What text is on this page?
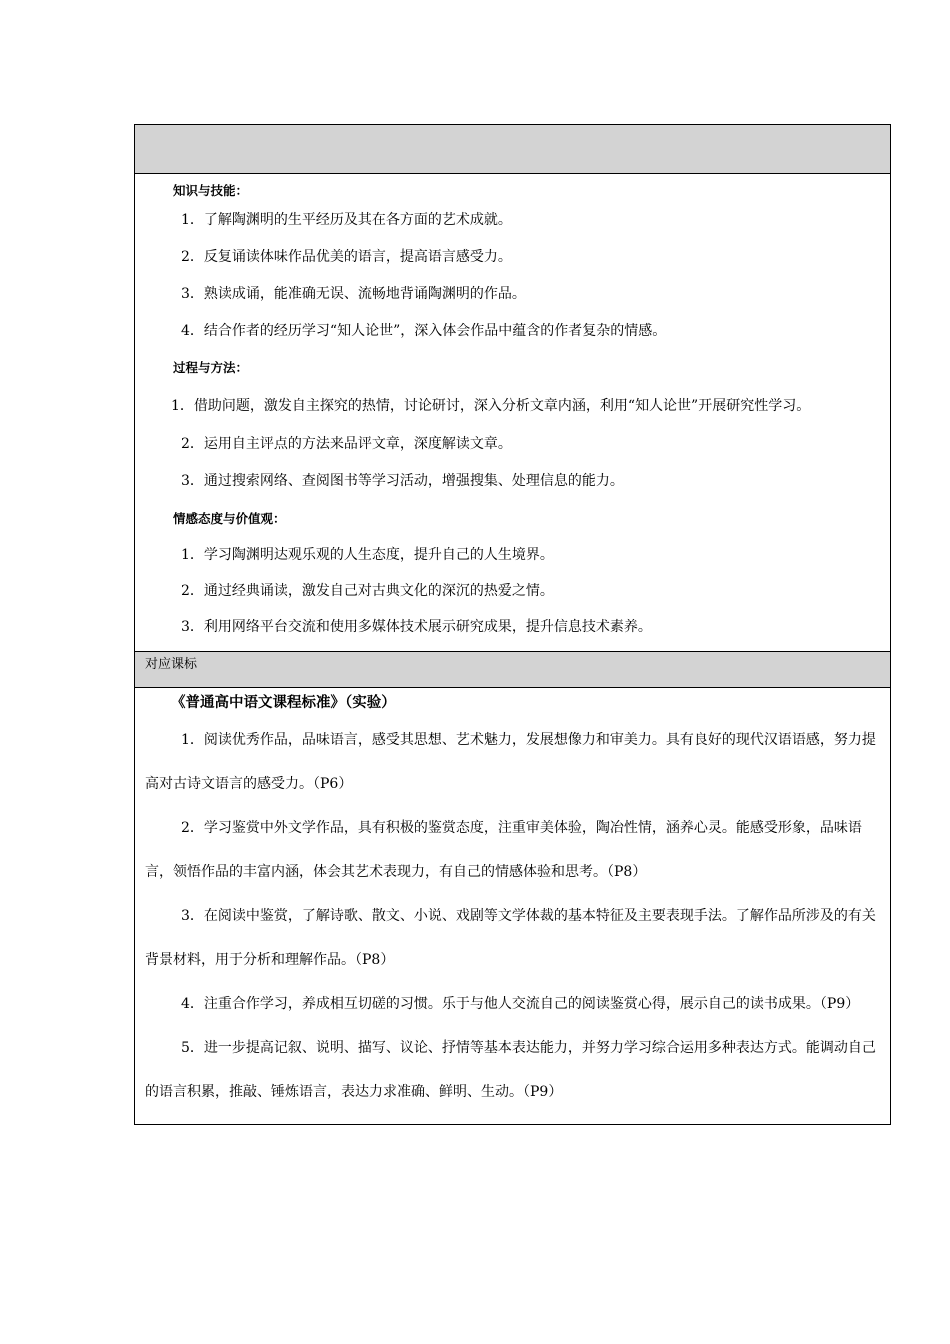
知识与技能：

1．了解陶渊明的生平经历及其在各方面的艺术成就。

2．反复诵读体味作品优美的语言，提高语言感受力。

3．熟读成诵，能准确无误、流畅地背诵陶渊明的作品。

4．结合作者的经历学习“知人论世”，深入体会作品中蕴含的作者复杂的情感。

过程与方法：

1．借助问题，激发自主探究的热情，讨论研讨，深入分析文章内涵，利用“知人论世”开展研究性学习。

2．运用自主评点的方法来品评文章，深度解读文章。

3．通过搜索网络、查阅图书等学习活动，增强搜集、处理信息的能力。

情感态度与价值观：

1．学习陶渊明达观乐观的人生态度，提升自己的人生境界。

2．通过经典诵读，激发自己对古典文化的深沉的热爱之情。

3．利用网络平台交流和使用多媒体技术展示研究成果，提升信息技术素养。

对应课标

《普通高中语文课程标准》（实验）

1．阅读优秀作品，品味语言，感受其思想、艺术魅力，发展想像力和审美力。具有良好的现代汉语语感，努力提高对古诗文语言的感受力。（P6）

2．学习鉴赏中外文学作品，具有积极的鉴赏态度，注重审美体验，陶冶性情，涵养心灵。能感受形象，品味语言，领悟作品的丰富内涵，体会其艺术表现力，有自己的情感体验和思考。（P8）

3．在阅读中鉴赏，了解诗歌、散文、小说、戏剧等文学体裁的基本特征及主要表现手法。了解作品所涉及的有关背景材料，用于分析和理解作品。（P8）

4．注重合作学习，养成相互切磋的习惯。乐于与他人交流自己的阅读鉴赏心得，展示自己的读书成果。（P9）

5．进一步提高记叙、说明、描写、议论、抒情等基本表达能力，并努力学习综合运用多种表达方式。能调动自己的语言积累，推敲、锤炼语言，表达力求准确、鲜明、生动。（P9）
